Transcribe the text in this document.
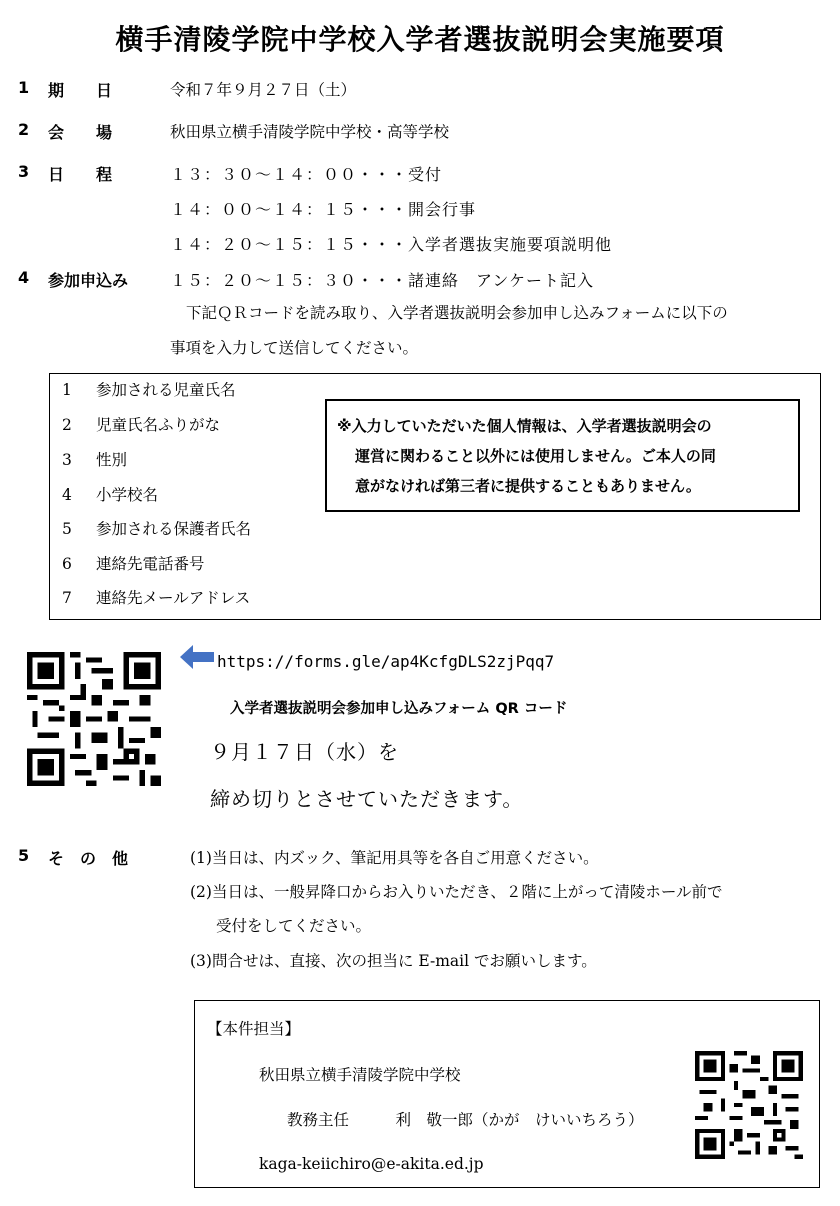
横手清陵学院中学校入学者選抜説明会実施要項
1 期　　日	令和７年９月２７日（土）
2 会　　場	秋田県立横手清陵学院中学校・高等学校
3 日　　程	１３：３０～１４：００・・・受付
１４：００～１４：１５・・・開会行事
１４：２０～１５：１５・・・入学者選抜実施要項説明他
4 参加申込み	１５：２０～１５：３０・・・諸連絡　アンケート記入
下記ＱＲコードを読み取り、入学者選抜説明会参加申し込みフォームに以下の
事項を入力して送信してください。
1 参加される児童氏名
2 児童氏名ふりがな
3 性別
4 小学校名
5 参加される保護者氏名
6 連絡先電話番号
7 連絡先メールアドレス
※入力していただいた個人情報は、入学者選抜説明会の
運営に関わること以外には使用しません。ご本人の同
意がなければ第三者に提供することもありません。
https://forms.gle/ap4KcfgDLS2zjPqq7
入学者選抜説明会参加申し込みフォーム QR コード
９月１７日（水）を
締め切りとさせていただきます。
5 そ　の　他	(1)当日は、内ズック、筆記用具等を各自ご用意ください。
(2)当日は、一般昇降口からお入りいただき、２階に上がって清陵ホール前で
受付をしてください。
(3)問合せは、直接、次の担当に E-mail でお願いします。
【本件担当】
秋田県立横手清陵学院中学校
教務主任　　　利　敬一郎（かが　けいいちろう）
kaga-keiichiro@e-akita.ed.jp
